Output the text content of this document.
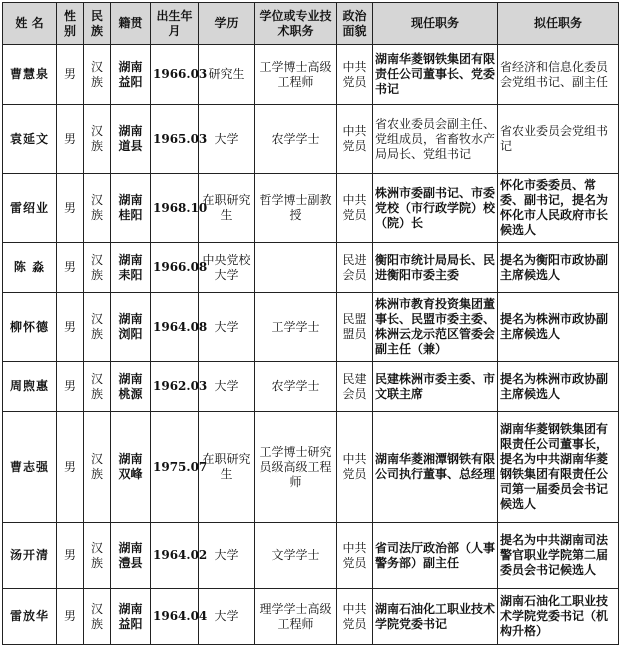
姓 名	性别	民族	籍贯	出生年月	学历	学位或专业技术职务	政治面貌	现任职务	拟任职务
曹慧泉	男	汉族	湖南益阳	1966.03	研究生	工学博士高级工程师	中共党员	湖南华菱钢铁集团有限责任公司董事长、党委书记	省经济和信息化委员会党组书记、副主任
袁延文	男	汉族	湖南道县	1965.03	大学	农学学士	中共党员	省农业委员会副主任、党组成员，省畜牧水产局局长、党组书记	省农业委员会党组书记
雷绍业	男	汉族	湖南桂阳	1968.10	在职研究生	哲学博士副教授	中共党员	株洲市委副书记、市委党校（市行政学院）校（院）长	怀化市委委员、常委、副书记，提名为怀化市人民政府市长候选人
陈 淼	男	汉族	湖南耒阳	1966.08	中央党校大学		民进会员	衡阳市统计局局长、民进衡阳市委主委	提名为衡阳市政协副主席候选人
柳怀德	男	汉族	湖南浏阳	1964.08	大学	工学学士	民盟盟员	株洲市教育投资集团董事长、民盟市委主委、株洲云龙示范区管委会副主任（兼）	提名为株洲市政协副主席候选人
周煦惠	男	汉族	湖南桃源	1962.03	大学	农学学士	民建会员	民建株洲市委主委、市文联主席	提名为株洲市政协副主席候选人
曹志强	男	汉族	湖南双峰	1975.07	在职研究生	工学博士研究员级高级工程师	中共党员	湖南华菱湘潭钢铁有限公司执行董事、总经理	湖南华菱钢铁集团有限责任公司董事长，提名为中共湖南华菱钢铁集团有限责任公司第一届委员会书记候选人
汤开清	男	汉族	湖南澧县	1964.02	大学	文学学士	中共党员	省司法厅政治部（人事警务部）副主任	提名为中共湖南司法警官职业学院第二届委员会书记候选人
雷放华	男	汉族	湖南益阳	1964.04	大学	理学学士高级工程师	中共党员	湖南石油化工职业技术学院党委书记	湖南石油化工职业技术学院党委书记（机构升格）
